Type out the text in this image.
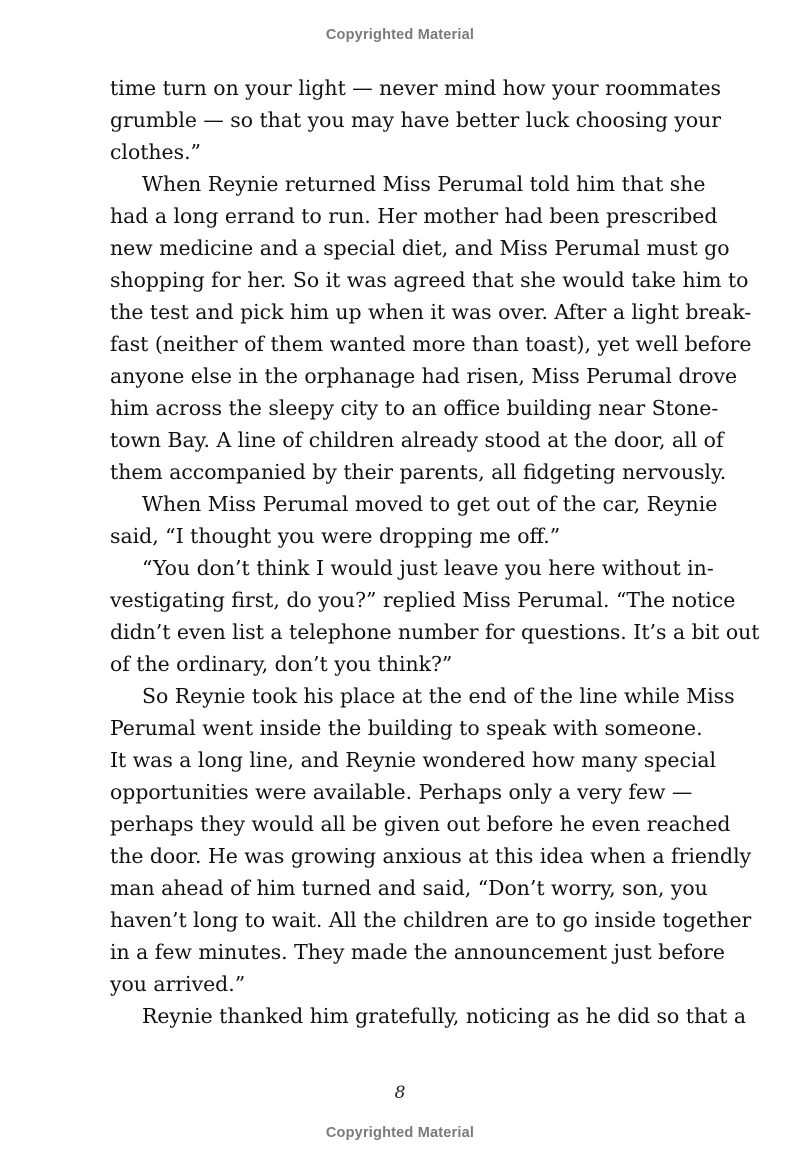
Copyrighted Material
time turn on your light — never mind how your roommates
grumble — so that you may have better luck choosing your
clothes.”
When Reynie returned Miss Perumal told him that she
had a long errand to run. Her mother had been prescribed
new medicine and a special diet, and Miss Perumal must go
shopping for her. So it was agreed that she would take him to
the test and pick him up when it was over. After a light break-
fast (neither of them wanted more than toast), yet well before
anyone else in the orphanage had risen, Miss Perumal drove
him across the sleepy city to an office building near Stone-
town Bay. A line of children already stood at the door, all of
them accompanied by their parents, all fidgeting nervously.
When Miss Perumal moved to get out of the car, Reynie
said, “I thought you were dropping me off.”
“You don’t think I would just leave you here without in-
vestigating first, do you?” replied Miss Perumal. “The notice
didn’t even list a telephone number for questions. It’s a bit out
of the ordinary, don’t you think?”
So Reynie took his place at the end of the line while Miss
Perumal went inside the building to speak with someone.
It was a long line, and Reynie wondered how many special
opportunities were available. Perhaps only a very few —
perhaps they would all be given out before he even reached
the door. He was growing anxious at this idea when a friendly
man ahead of him turned and said, “Don’t worry, son, you
haven’t long to wait. All the children are to go inside together
in a few minutes. They made the announcement just before
you arrived.”
Reynie thanked him gratefully, noticing as he did so that a
8
Copyrighted Material
